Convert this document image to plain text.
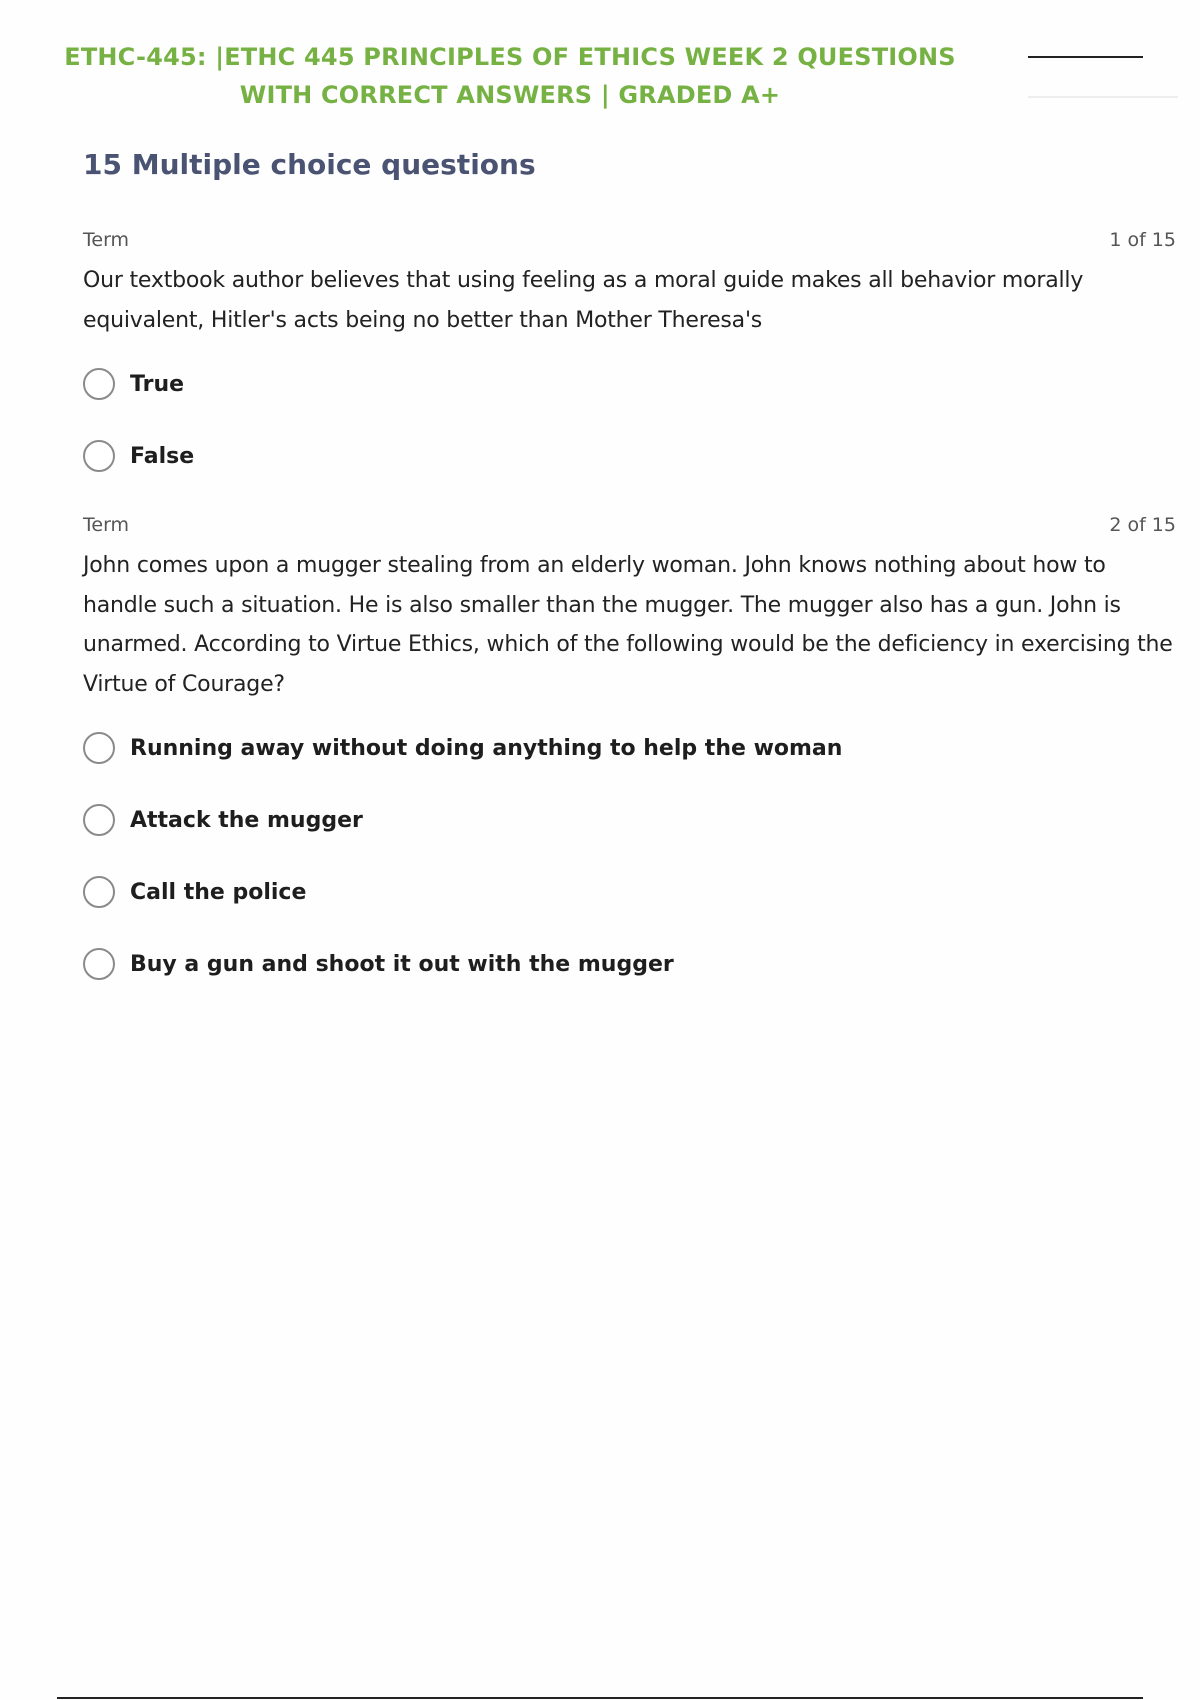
ETHC-445: |ETHC 445 PRINCIPLES OF ETHICS WEEK 2 QUESTIONS
WITH CORRECT ANSWERS | GRADED A+
15 Multiple choice questions
Term	1 of 15
Our textbook author believes that using feeling as a moral guide makes all behavior morally equivalent, Hitler's acts being no better than Mother Theresa's
True
False
Term	2 of 15
John comes upon a mugger stealing from an elderly woman. John knows nothing about how to handle such a situation. He is also smaller than the mugger. The mugger also has a gun. John is unarmed. According to Virtue Ethics, which of the following would be the deficiency in exercising the Virtue of Courage?
Running away without doing anything to help the woman
Attack the mugger
Call the police
Buy a gun and shoot it out with the mugger
